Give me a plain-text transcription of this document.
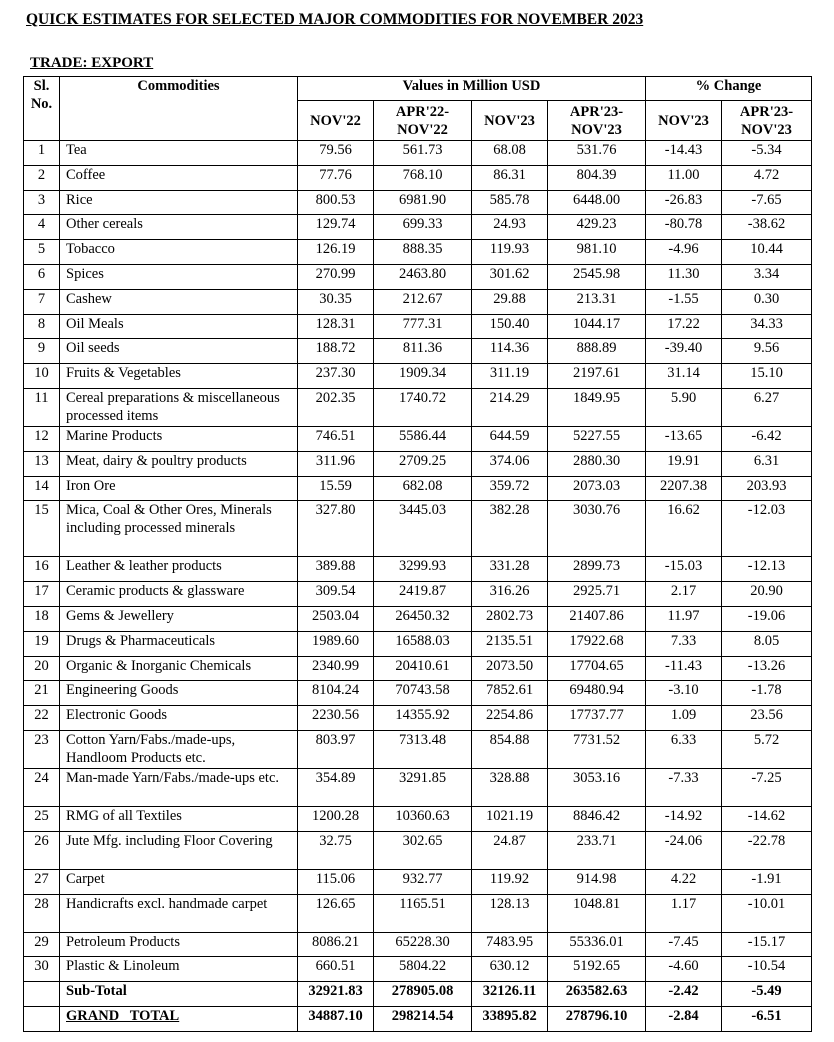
QUICK ESTIMATES FOR SELECTED MAJOR COMMODITIES FOR NOVEMBER 2023
TRADE: EXPORT
Sl. No.	Commodities	Values in Million USD				% Change	
		NOV'22	APR'22-NOV'22	NOV'23	APR'23-NOV'23	NOV'23	APR'23-NOV'23
1	Tea	79.56	561.73	68.08	531.76	-14.43	-5.34
2	Coffee	77.76	768.10	86.31	804.39	11.00	4.72
3	Rice	800.53	6981.90	585.78	6448.00	-26.83	-7.65
4	Other cereals	129.74	699.33	24.93	429.23	-80.78	-38.62
5	Tobacco	126.19	888.35	119.93	981.10	-4.96	10.44
6	Spices	270.99	2463.80	301.62	2545.98	11.30	3.34
7	Cashew	30.35	212.67	29.88	213.31	-1.55	0.30
8	Oil Meals	128.31	777.31	150.40	1044.17	17.22	34.33
9	Oil seeds	188.72	811.36	114.36	888.89	-39.40	9.56
10	Fruits & Vegetables	237.30	1909.34	311.19	2197.61	31.14	15.10
11	Cereal preparations & miscellaneous processed items	202.35	1740.72	214.29	1849.95	5.90	6.27
12	Marine Products	746.51	5586.44	644.59	5227.55	-13.65	-6.42
13	Meat, dairy & poultry products	311.96	2709.25	374.06	2880.30	19.91	6.31
14	Iron Ore	15.59	682.08	359.72	2073.03	2207.38	203.93
15	Mica, Coal & Other Ores, Minerals including processed minerals	327.80	3445.03	382.28	3030.76	16.62	-12.03
16	Leather & leather products	389.88	3299.93	331.28	2899.73	-15.03	-12.13
17	Ceramic products & glassware	309.54	2419.87	316.26	2925.71	2.17	20.90
18	Gems & Jewellery	2503.04	26450.32	2802.73	21407.86	11.97	-19.06
19	Drugs & Pharmaceuticals	1989.60	16588.03	2135.51	17922.68	7.33	8.05
20	Organic & Inorganic Chemicals	2340.99	20410.61	2073.50	17704.65	-11.43	-13.26
21	Engineering Goods	8104.24	70743.58	7852.61	69480.94	-3.10	-1.78
22	Electronic Goods	2230.56	14355.92	2254.86	17737.77	1.09	23.56
23	Cotton Yarn/Fabs./made-ups, Handloom Products etc.	803.97	7313.48	854.88	7731.52	6.33	5.72
24	Man-made Yarn/Fabs./made-ups etc.	354.89	3291.85	328.88	3053.16	-7.33	-7.25
25	RMG of all Textiles	1200.28	10360.63	1021.19	8846.42	-14.92	-14.62
26	Jute Mfg. including Floor Covering	32.75	302.65	24.87	233.71	-24.06	-22.78
27	Carpet	115.06	932.77	119.92	914.98	4.22	-1.91
28	Handicrafts excl. handmade carpet	126.65	1165.51	128.13	1048.81	1.17	-10.01
29	Petroleum Products	8086.21	65228.30	7483.95	55336.01	-7.45	-15.17
30	Plastic & Linoleum	660.51	5804.22	630.12	5192.65	-4.60	-10.54
	Sub-Total	32921.83	278905.08	32126.11	263582.63	-2.42	-5.49
	GRAND   TOTAL	34887.10	298214.54	33895.82	278796.10	-2.84	-6.51
